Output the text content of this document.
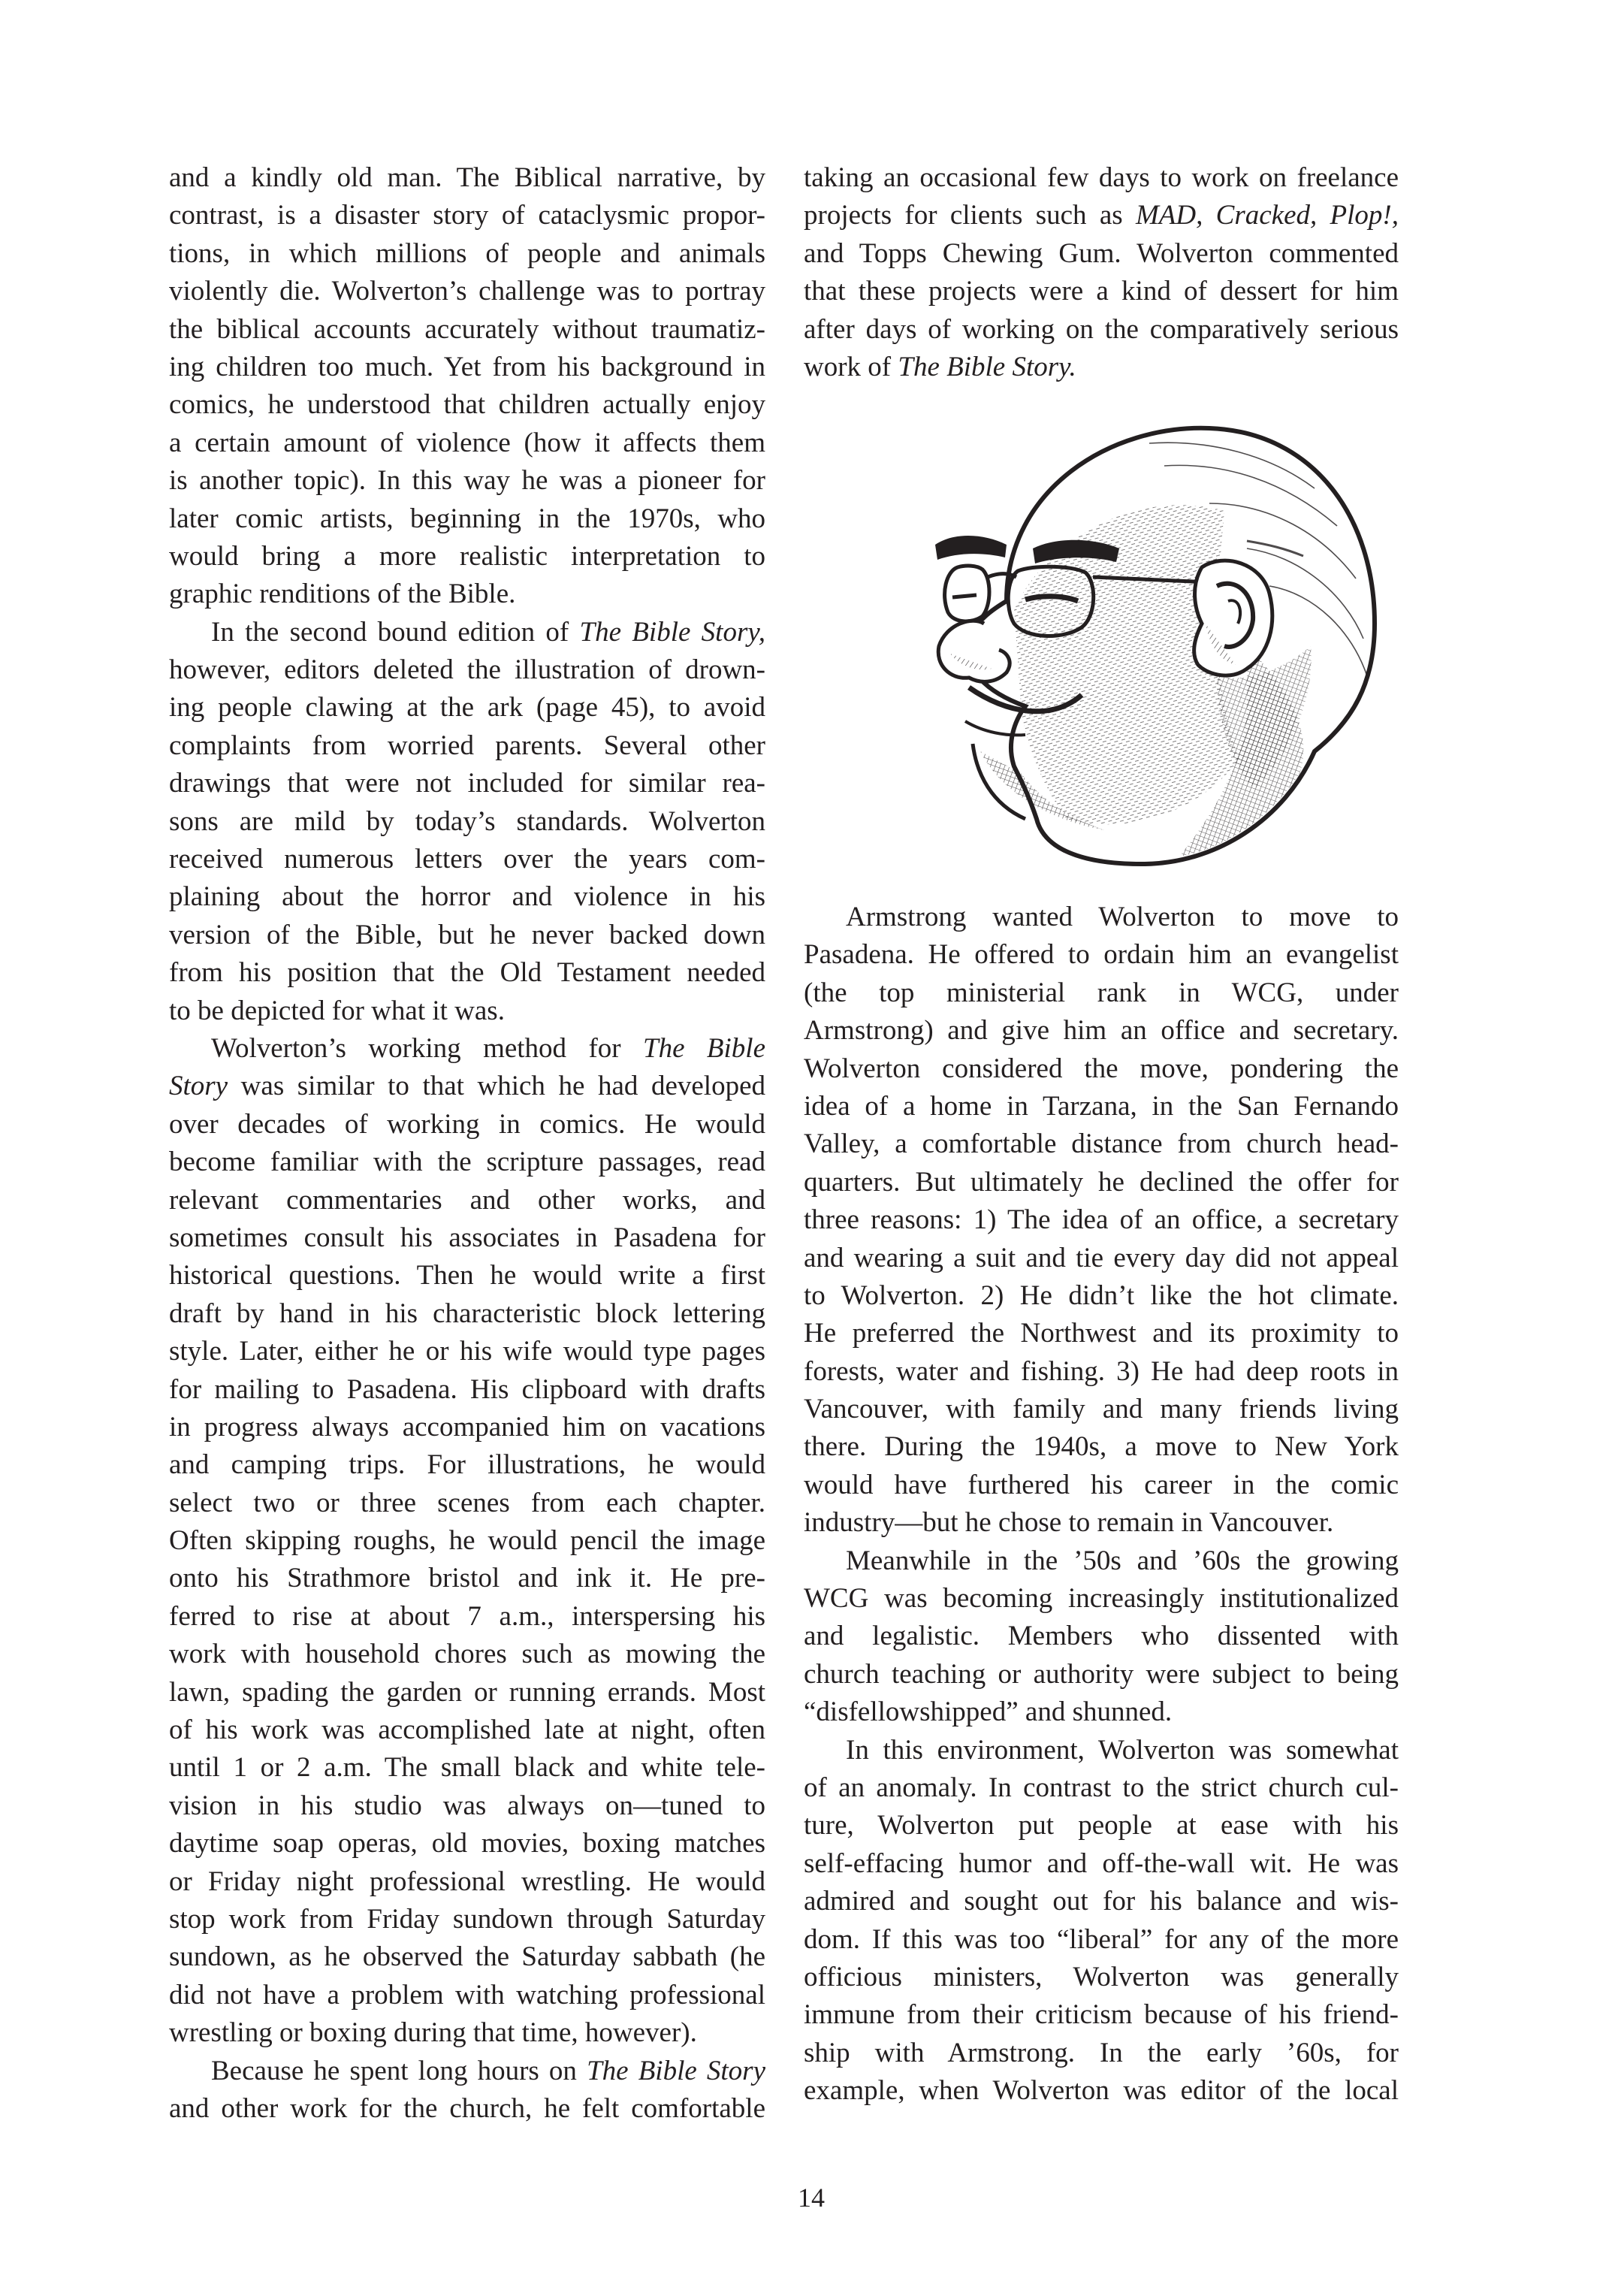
and a kindly old man. The Biblical narrative, by
contrast, is a disaster story of cataclysmic propor-
tions, in which millions of people and animals
violently die. Wolverton’s challenge was to portray
the biblical accounts accurately without traumatiz-
ing children too much. Yet from his background in
comics, he understood that children actually enjoy
a certain amount of violence (how it affects them
is another topic). In this way he was a pioneer for
later comic artists, beginning in the 1970s, who
would bring a more realistic interpretation to
graphic renditions of the Bible.
In the second bound edition of The Bible Story,
however, editors deleted the illustration of drown-
ing people clawing at the ark (page 45), to avoid
complaints from worried parents. Several other
drawings that were not included for similar rea-
sons are mild by today’s standards. Wolverton
received numerous letters over the years com-
plaining about the horror and violence in his
version of the Bible, but he never backed down
from his position that the Old Testament needed
to be depicted for what it was.
Wolverton’s working method for The Bible
Story was similar to that which he had developed
over decades of working in comics. He would
become familiar with the scripture passages, read
relevant commentaries and other works, and
sometimes consult his associates in Pasadena for
historical questions. Then he would write a first
draft by hand in his characteristic block lettering
style. Later, either he or his wife would type pages
for mailing to Pasadena. His clipboard with drafts
in progress always accompanied him on vacations
and camping trips. For illustrations, he would
select two or three scenes from each chapter.
Often skipping roughs, he would pencil the image
onto his Strathmore bristol and ink it. He pre-
ferred to rise at about 7 a.m., interspersing his
work with household chores such as mowing the
lawn, spading the garden or running errands. Most
of his work was accomplished late at night, often
until 1 or 2 a.m. The small black and white tele-
vision in his studio was always on—tuned to
daytime soap operas, old movies, boxing matches
or Friday night professional wrestling. He would
stop work from Friday sundown through Saturday
sundown, as he observed the Saturday sabbath (he
did not have a problem with watching professional
wrestling or boxing during that time, however).
Because he spent long hours on The Bible Story
and other work for the church, he felt comfortable
taking an occasional few days to work on freelance
projects for clients such as MAD, Cracked, Plop!,
and Topps Chewing Gum. Wolverton commented
that these projects were a kind of dessert for him
after days of working on the comparatively serious
work of The Bible Story.
Armstrong wanted Wolverton to move to
Pasadena. He offered to ordain him an evangelist
(the top ministerial rank in WCG, under
Armstrong) and give him an office and secretary.
Wolverton considered the move, pondering the
idea of a home in Tarzana, in the San Fernando
Valley, a comfortable distance from church head-
quarters. But ultimately he declined the offer for
three reasons: 1) The idea of an office, a secretary
and wearing a suit and tie every day did not appeal
to Wolverton. 2) He didn’t like the hot climate.
He preferred the Northwest and its proximity to
forests, water and fishing. 3) He had deep roots in
Vancouver, with family and many friends living
there. During the 1940s, a move to New York
would have furthered his career in the comic
industry—but he chose to remain in Vancouver.
Meanwhile in the ’50s and ’60s the growing
WCG was becoming increasingly institutionalized
and legalistic. Members who dissented with
church teaching or authority were subject to being
“disfellowshipped” and shunned.
In this environment, Wolverton was somewhat
of an anomaly. In contrast to the strict church cul-
ture, Wolverton put people at ease with his
self-effacing humor and off-the-wall wit. He was
admired and sought out for his balance and wis-
dom. If this was too “liberal” for any of the more
officious ministers, Wolverton was generally
immune from their criticism because of his friend-
ship with Armstrong. In the early ’60s, for
example, when Wolverton was editor of the local
14
